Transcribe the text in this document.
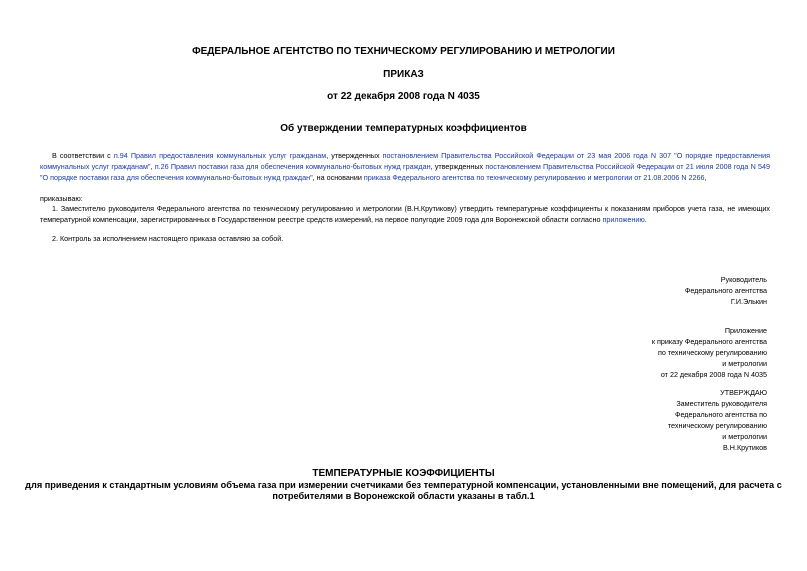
ФЕДЕРАЛЬНОЕ АГЕНТСТВО ПО ТЕХНИЧЕСКОМУ РЕГУЛИРОВАНИЮ И МЕТРОЛОГИИ
ПРИКАЗ
от 22 декабря 2008 года N 4035
Об утверждении температурных коэффициентов
В соответствии с п.94 Правил предоставления коммунальных услуг гражданам, утвержденных постановлением Правительства Российской Федерации от 23 мая 2006 года N 307 "О порядке предоставления коммунальных услуг гражданам", п.26 Правил поставки газа для обеспечения коммунально-бытовых нужд граждан, утвержденных постановлением Правительства Российской Федерации от 21 июля 2008 года N 549 "О порядке поставки газа для обеспечения коммунально-бытовых нужд граждан", на основании приказа Федерального агентства по техническому регулированию и метрологии от 21.08.2006 N 2266,
приказываю:
1. Заместителю руководителя Федерального агентства по техническому регулированию и метрологии (В.Н.Крутикову) утвердить температурные коэффициенты к показаниям приборов учета газа, не имеющих температурной компенсации, зарегистрированных в Государственном реестре средств измерений, на первое полугодие 2009 года для Воронежской области согласно приложению.
2. Контроль за исполнением настоящего приказа оставляю за собой.
Руководитель
Федерального агентства
Г.И.Элькин
Приложение
к приказу Федерального агентства
по техническому регулированию
и метрологии
от 22 декабря 2008 года N 4035
УТВЕРЖДАЮ
Заместитель руководителя
Федерального агентства по
техническому регулированию
и метрологии
В.Н.Крутиков
ТЕМПЕРАТУРНЫЕ КОЭФФИЦИЕНТЫ
для приведения к стандартным условиям объема газа при измерении счетчиками без температурной компенсации, установленными вне помещений, для расчета с
потребителями в Воронежской области указаны в табл.1
